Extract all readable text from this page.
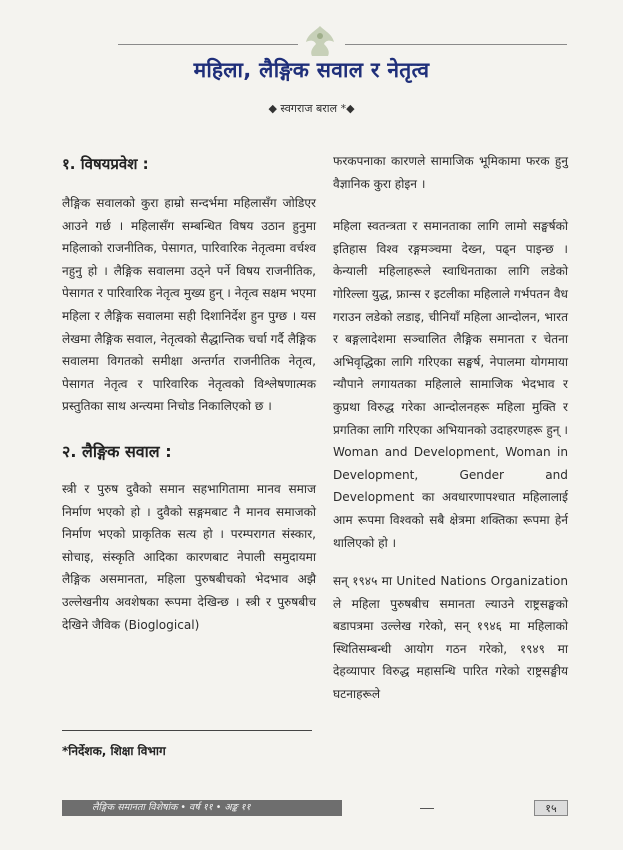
महिला, लैङ्गिक सवाल र नेतृत्व

◆ स्वगराज बराल *◆

१. विषयप्रवेश :

लैङ्गिक सवालको कुरा हाम्रो सन्दर्भमा महिलासँग जोडिएर आउने गर्छ । महिलासँग सम्बन्धित विषय उठान हुनुमा महिलाको राजनीतिक, पेसागत, पारिवारिक नेतृत्वमा वर्चश्व नहुनु हो । लैङ्गिक सवालमा उठ्ने पर्ने विषय राजनीतिक, पेसागत र पारिवारिक नेतृत्व मुख्य हुन् । नेतृत्व सक्षम भएमा महिला र लैङ्गिक सवालमा सही दिशानिर्देश हुन पुग्छ । यस लेखमा लैङ्गिक सवाल, नेतृत्वको सैद्धान्तिक चर्चा गर्दै लैङ्गिक सवालमा विगतको समीक्षा अन्तर्गत राजनीतिक नेतृत्व, पेसागत नेतृत्व र पारिवारिक नेतृत्वको विश्लेषणात्मक प्रस्तुतिका साथ अन्त्यमा निचोड निकालिएको छ ।

२. लैङ्गिक सवाल :

स्त्री र पुरुष दुवैको समान सहभागितामा मानव समाज निर्माण भएको हो । दुवैको सङ्गमबाट नै मानव समाजको निर्माण भएको प्राकृतिक सत्य हो । परम्परागत संस्कार, सोचाइ, संस्कृति आदिका कारणबाट नेपाली समुदायमा लैङ्गिक असमानता, महिला पुरुषबीचको भेदभाव अझै उल्लेखनीय अवशेषका रूपमा देखिन्छ । स्त्री र पुरुषबीच देखिने जैविक (Bioglogical)

फरकपनाका कारणले सामाजिक भूमिकामा फरक हुनु वैज्ञानिक कुरा होइन ।

महिला स्वतन्त्रता र समानताका लागि लामो सङ्घर्षको इतिहास विश्व रङ्गमञ्चमा देख्न, पढ्न पाइन्छ । केन्याली महिलाहरूले स्वाधिनताका लागि लडेको गोरिल्ला युद्ध, फ्रान्स र इटलीका महिलाले गर्भपतन वैध गराउन लडेको लडाइ, चीनियाँ महिला आन्दोलन, भारत र बङ्गलादेशमा सञ्चालित लैङ्गिक समानता र चेतना अभिवृद्धिका लागि गरिएका सङ्घर्ष, नेपालमा योगमाया न्यौपाने लगायतका महिलाले सामाजिक भेदभाव र कुप्रथा विरुद्ध गरेका आन्दोलनहरू महिला मुक्ति र प्रगतिका लागि गरिएका अभियानको उदाहरणहरू हुन् । Woman and Development, Woman in Development, Gender and Development का अवधारणापश्चात महिलालाई आम रूपमा विश्वको सबै क्षेत्रमा शक्तिका रूपमा हेर्न थालिएको हो ।

सन् १९४५ मा United Nations Organization ले महिला पुरुषबीच समानता ल्याउने राष्ट्रसङ्घको बडापत्रमा उल्लेख गरेको, सन् १९४६ मा महिलाको स्थितिसम्बन्धी आयोग गठन गरेको, १९४९ मा देहव्यापार विरुद्ध महासन्धि पारित गरेको राष्ट्रसङ्घीय घटनाहरूले

*निर्देशक, शिक्षा विभाग

लैङ्गिक समानता विशेषांक • वर्ष ११ • अङ्क ११	१५
